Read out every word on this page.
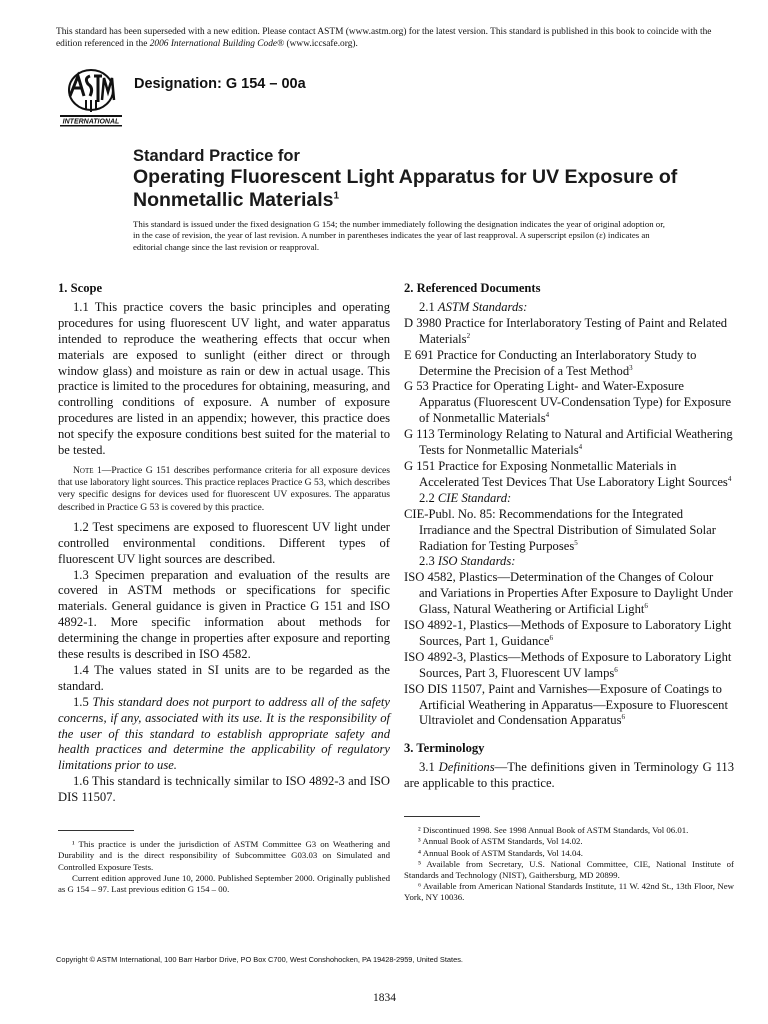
This standard has been superseded with a new edition. Please contact ASTM (www.astm.org) for the latest version. This standard is published in this book to coincide with the edition referenced in the 2006 International Building Code® (www.iccsafe.org).
INTERNATIONAL
Designation: G 154 – 00a
Standard Practice for
Operating Fluorescent Light Apparatus for UV Exposure of Nonmetallic Materials$^1$
This standard is issued under the fixed designation G 154; the number immediately following the designation indicates the year of original adoption or, in the case of revision, the year of last revision. A number in parentheses indicates the year of last reapproval. A superscript epsilon (ε) indicates an editorial change since the last revision or reapproval.
1. Scope

1.1 This practice covers the basic principles and operating procedures for using fluorescent UV light, and water apparatus intended to reproduce the weathering effects that occur when materials are exposed to sunlight (either direct or through window glass) and moisture as rain or dew in actual usage. This practice is limited to the procedures for obtaining, measuring, and controlling conditions of exposure. A number of exposure procedures are listed in an appendix; however, this practice does not specify the exposure conditions best suited for the material to be tested.

Note 1—Practice G 151 describes performance criteria for all exposure devices that use laboratory light sources. This practice replaces Practice G 53, which describes very specific designs for devices used for fluorescent UV exposures. The apparatus described in Practice G 53 is covered by this practice.

1.2 Test specimens are exposed to fluorescent UV light under controlled environmental conditions. Different types of fluorescent UV light sources are described.

1.3 Specimen preparation and evaluation of the results are covered in ASTM methods or specifications for specific materials. General guidance is given in Practice G 151 and ISO 4892-1. More specific information about methods for determining the change in properties after exposure and reporting these results is described in ISO 4582.

1.4 The values stated in SI units are to be regarded as the standard.

1.5 This standard does not purport to address all of the safety concerns, if any, associated with its use. It is the responsibility of the user of this standard to establish appropriate safety and health practices and determine the applicability of regulatory limitations prior to use.

1.6 This standard is technically similar to ISO 4892-3 and ISO DIS 11507.

¹ This practice is under the jurisdiction of ASTM Committee G3 on Weathering and Durability and is the direct responsibility of Subcommittee G03.03 on Simulated and Controlled Exposure Tests.

Current edition approved June 10, 2000. Published September 2000. Originally published as G 154 – 97. Last previous edition G 154 – 00.

2. Referenced Documents

2.1 ASTM Standards:

D 3980 Practice for Interlaboratory Testing of Paint and Related Materials$^2$

E 691 Practice for Conducting an Interlaboratory Study to Determine the Precision of a Test Method$^3$

G 53 Practice for Operating Light- and Water-Exposure Apparatus (Fluorescent UV-Condensation Type) for Exposure of Nonmetallic Materials$^4$

G 113 Terminology Relating to Natural and Artificial Weathering Tests for Nonmetallic Materials$^4$

G 151 Practice for Exposing Nonmetallic Materials in Accelerated Test Devices That Use Laboratory Light Sources$^4$

2.2 CIE Standard:

CIE-Publ. No. 85: Recommendations for the Integrated Irradiance and the Spectral Distribution of Simulated Solar Radiation for Testing Purposes$^5$

2.3 ISO Standards:

ISO 4582, Plastics—Determination of the Changes of Colour and Variations in Properties After Exposure to Daylight Under Glass, Natural Weathering or Artificial Light$^6$

ISO 4892-1, Plastics—Methods of Exposure to Laboratory Light Sources, Part 1, Guidance$^6$

ISO 4892-3, Plastics—Methods of Exposure to Laboratory Light Sources, Part 3, Fluorescent UV lamps$^6$

ISO DIS 11507, Paint and Varnishes—Exposure of Coatings to Artificial Weathering in Apparatus—Exposure to Fluorescent Ultraviolet and Condensation Apparatus$^6$

3. Terminology

3.1 Definitions—The definitions given in Terminology G 113 are applicable to this practice.

² Discontinued 1998. See 1998 Annual Book of ASTM Standards, Vol 06.01.

³ Annual Book of ASTM Standards, Vol 14.02.

⁴ Annual Book of ASTM Standards, Vol 14.04.

⁵ Available from Secretary, U.S. National Committee, CIE, National Institute of Standards and Technology (NIST), Gaithersburg, MD 20899.

⁶ Available from American National Standards Institute, 11 W. 42nd St., 13th Floor, New York, NY 10036.

Copyright © ASTM International, 100 Barr Harbor Drive, PO Box C700, West Conshohocken, PA 19428-2959, United States.
1834
